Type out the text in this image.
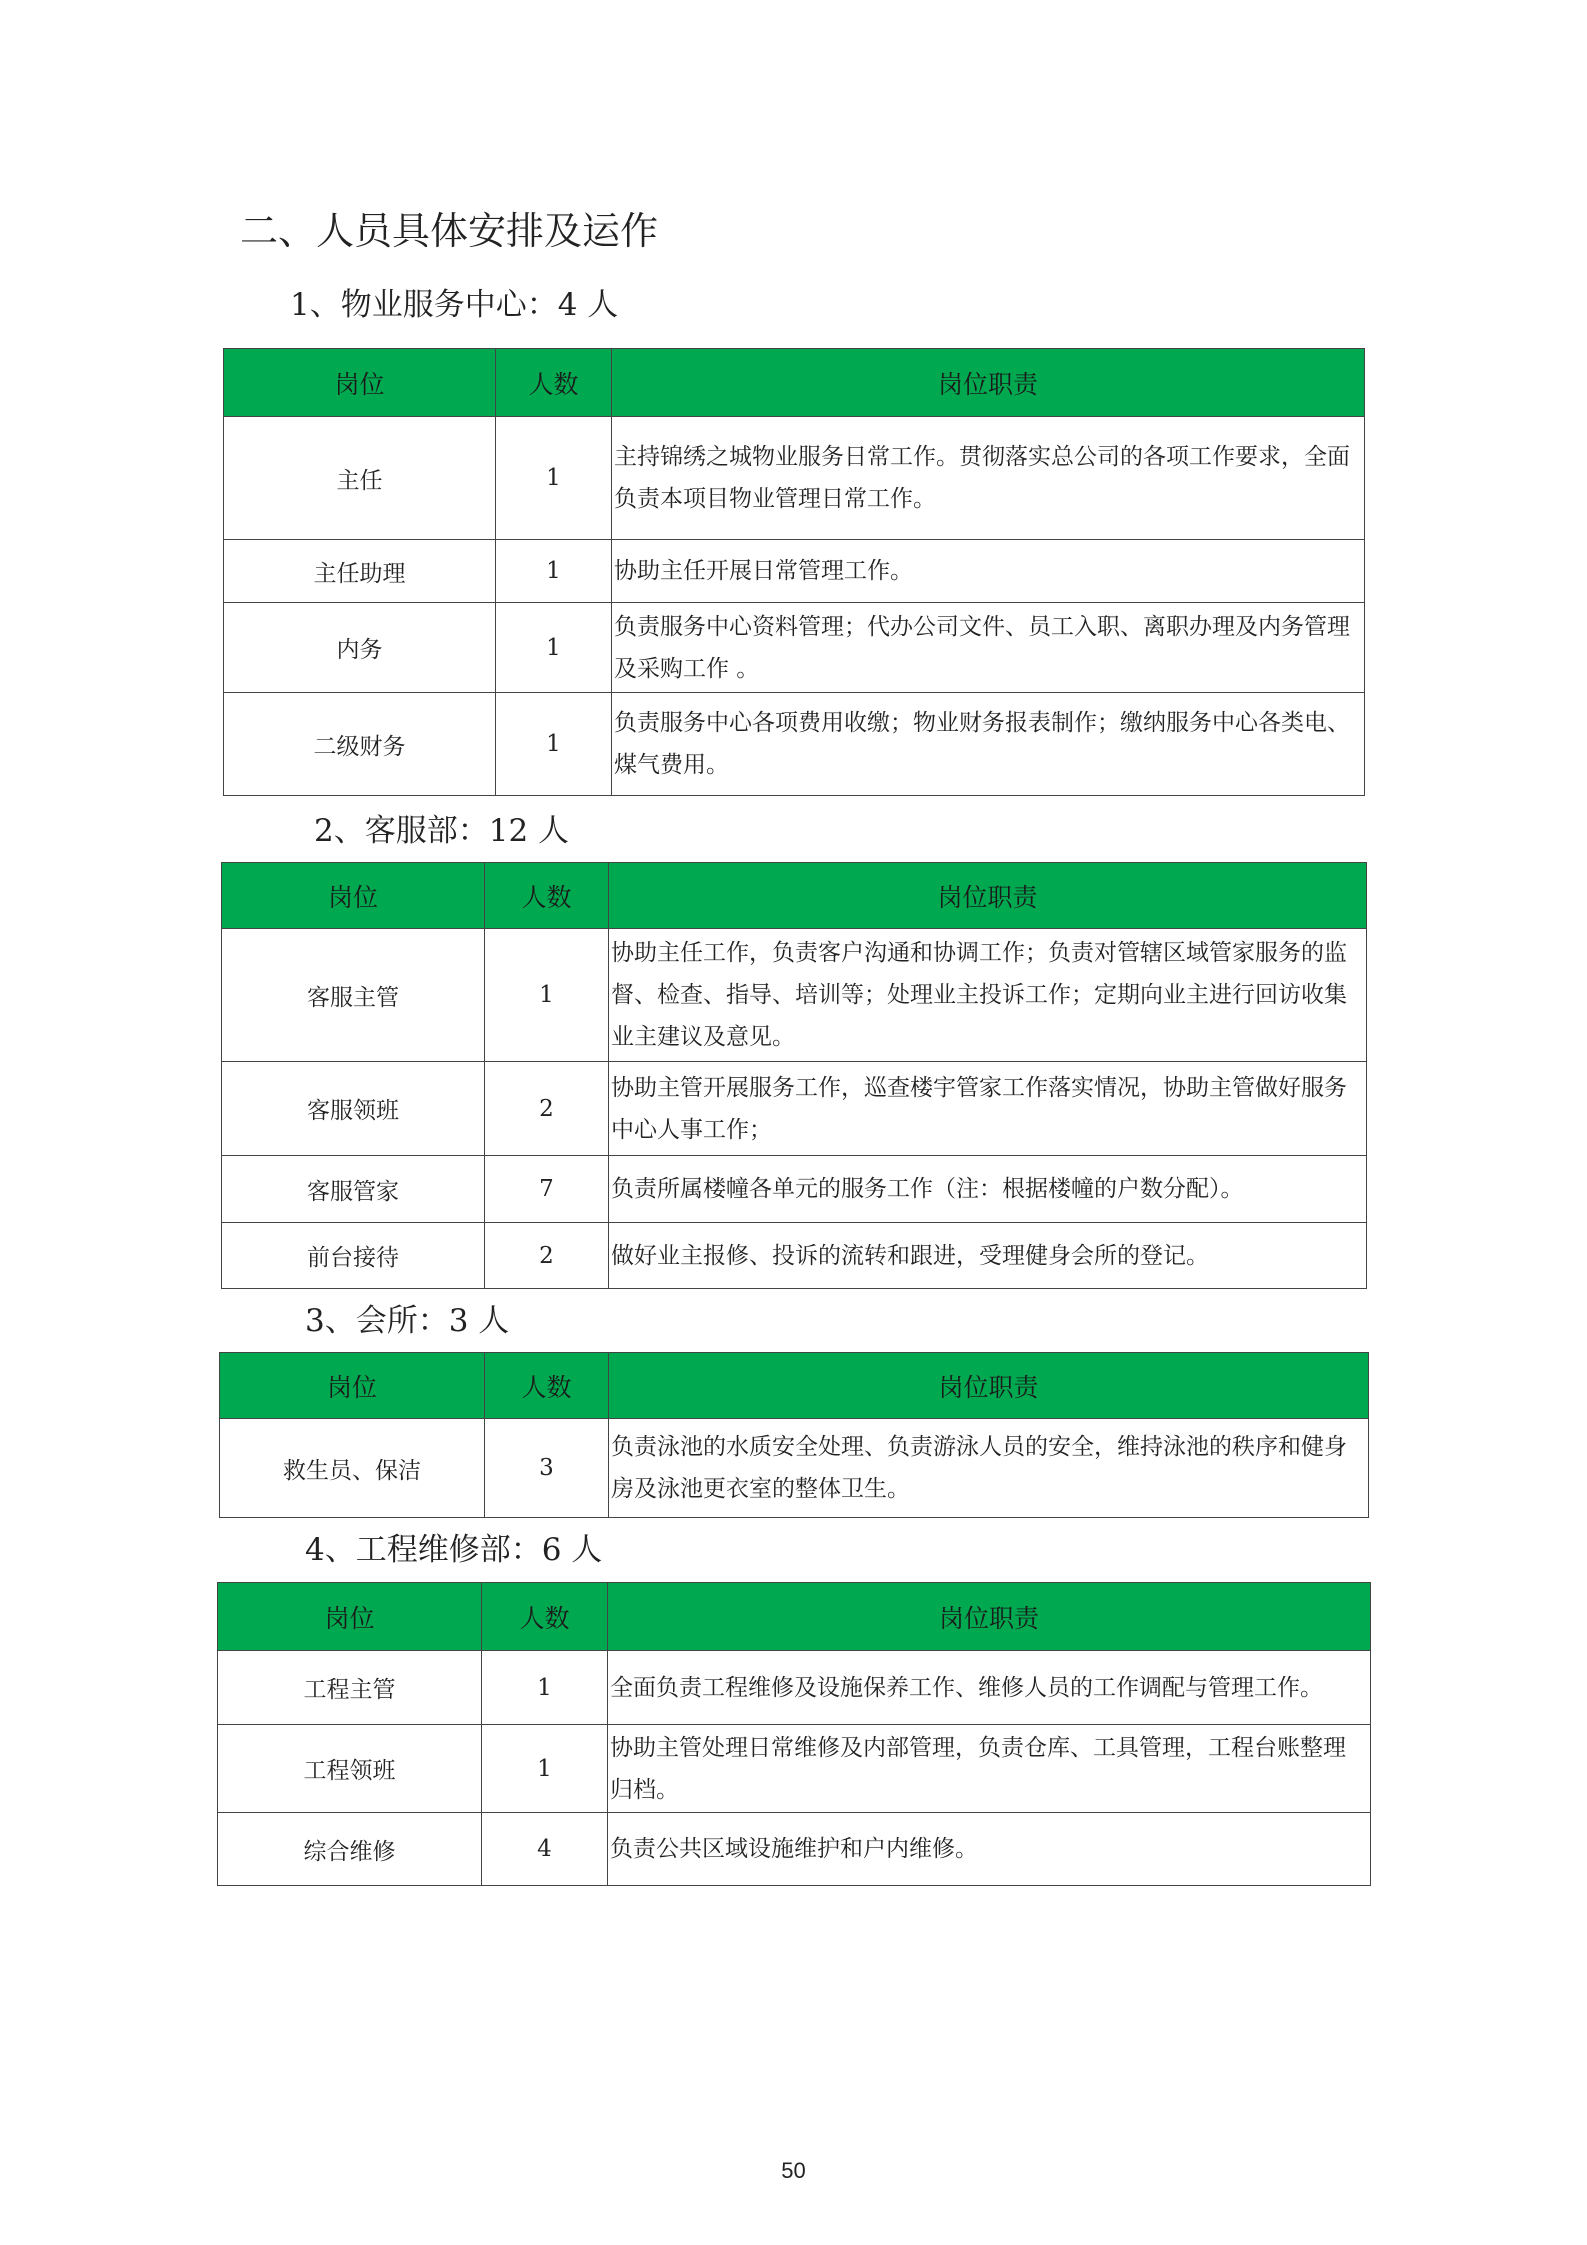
二、人员具体安排及运作
1、物业服务中心：4 人
岗位	人数	岗位职责
主任	1	主持锦绣之城物业服务日常工作。贯彻落实总公司的各项工作要求，全面负责本项目物业管理日常工作。
主任助理	1	协助主任开展日常管理工作。
内务	1	负责服务中心资料管理；代办公司文件、员工入职、离职办理及内务管理及采购工作 。
二级财务	1	负责服务中心各项费用收缴；物业财务报表制作；缴纳服务中心各类电、煤气费用。
2、客服部：12 人
岗位	人数	岗位职责
客服主管	1	协助主任工作，负责客户沟通和协调工作；负责对管辖区域管家服务的监督、检查、指导、培训等；处理业主投诉工作；定期向业主进行回访收集业主建议及意见。
客服领班	2	协助主管开展服务工作，巡查楼宇管家工作落实情况，协助主管做好服务中心人事工作；
客服管家	7	负责所属楼幢各单元的服务工作（注：根据楼幢的户数分配）。
前台接待	2	做好业主报修、投诉的流转和跟进，受理健身会所的登记。
3、会所：3 人
岗位	人数	岗位职责
救生员、保洁	3	负责泳池的水质安全处理、负责游泳人员的安全，维持泳池的秩序和健身房及泳池更衣室的整体卫生。
4、工程维修部：6 人
岗位	人数	岗位职责
工程主管	1	全面负责工程维修及设施保养工作、维修人员的工作调配与管理工作。
工程领班	1	协助主管处理日常维修及内部管理，负责仓库、工具管理，工程台账整理归档。
综合维修	4	负责公共区域设施维护和户内维修。
50
